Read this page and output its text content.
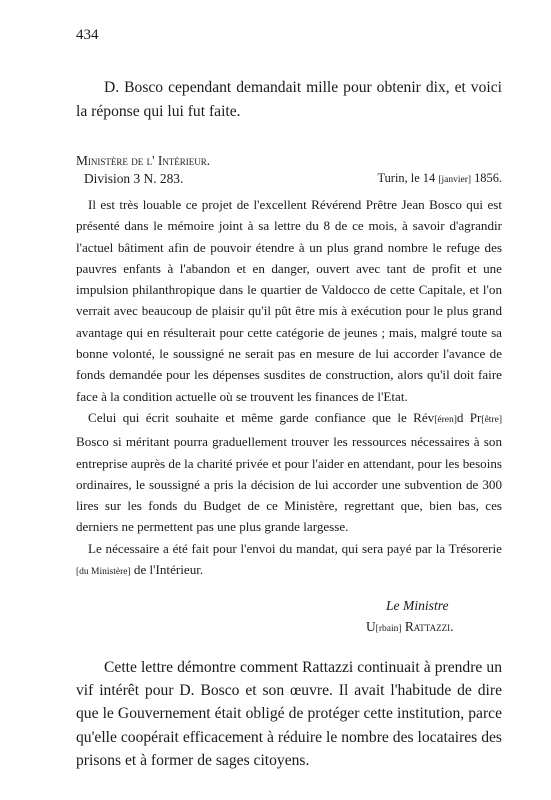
434

D. Bosco cependant demandait mille pour obtenir dix, et voici la réponse qui lui fut faite.

Ministère de l' Intérieur.
Division 3 N. 283.	Turin, le 14 [janvier] 1856.

Il est très louable ce projet de l'excellent Révérend Prêtre Jean Bosco qui est présenté dans le mémoire joint à sa lettre du 8 de ce mois, à savoir d'agrandir l'actuel bâtiment afin de pouvoir étendre à un plus grand nombre le refuge des pauvres enfants à l'abandon et en danger, ouvert avec tant de profit et une impulsion philanthropique dans le quartier de Valdocco de cette Capitale, et l'on verrait avec beaucoup de plaisir qu'il pût être mis à exécution pour le plus grand avantage qui en résulterait pour cette catégorie de jeunes ; mais, malgré toute sa bonne volonté, le soussigné ne serait pas en mesure de lui accorder l'avance de fonds demandée pour les dépenses susdites de construction, alors qu'il doit faire face à la condition actuelle où se trouvent les finances de l'Etat.

Celui qui écrit souhaite et même garde confiance que le Rév[éren]d Pr[être] Bosco si méritant pourra graduellement trouver les ressources nécessaires à son entreprise auprès de la charité privée et pour l'aider en attendant, pour les besoins ordinaires, le soussigné a pris la décision de lui accorder une subvention de 300 lires sur les fonds du Budget de ce Ministère, regrettant que, bien bas, ces derniers ne permettent pas une plus grande largesse.

Le nécessaire a été fait pour l'envoi du mandat, qui sera payé par la Trésorerie [du Ministère] de l'Intérieur.

Le Ministre
U[rbain] Rattazzi.

Cette lettre démontre comment Rattazzi continuait à prendre un vif intérêt pour D. Bosco et son œuvre. Il avait l'habitude de dire que le Gouvernement était obligé de protéger cette institution, parce qu'elle coopérait efficacement à réduire le nombre des locataires des prisons et à former de sages citoyens.
